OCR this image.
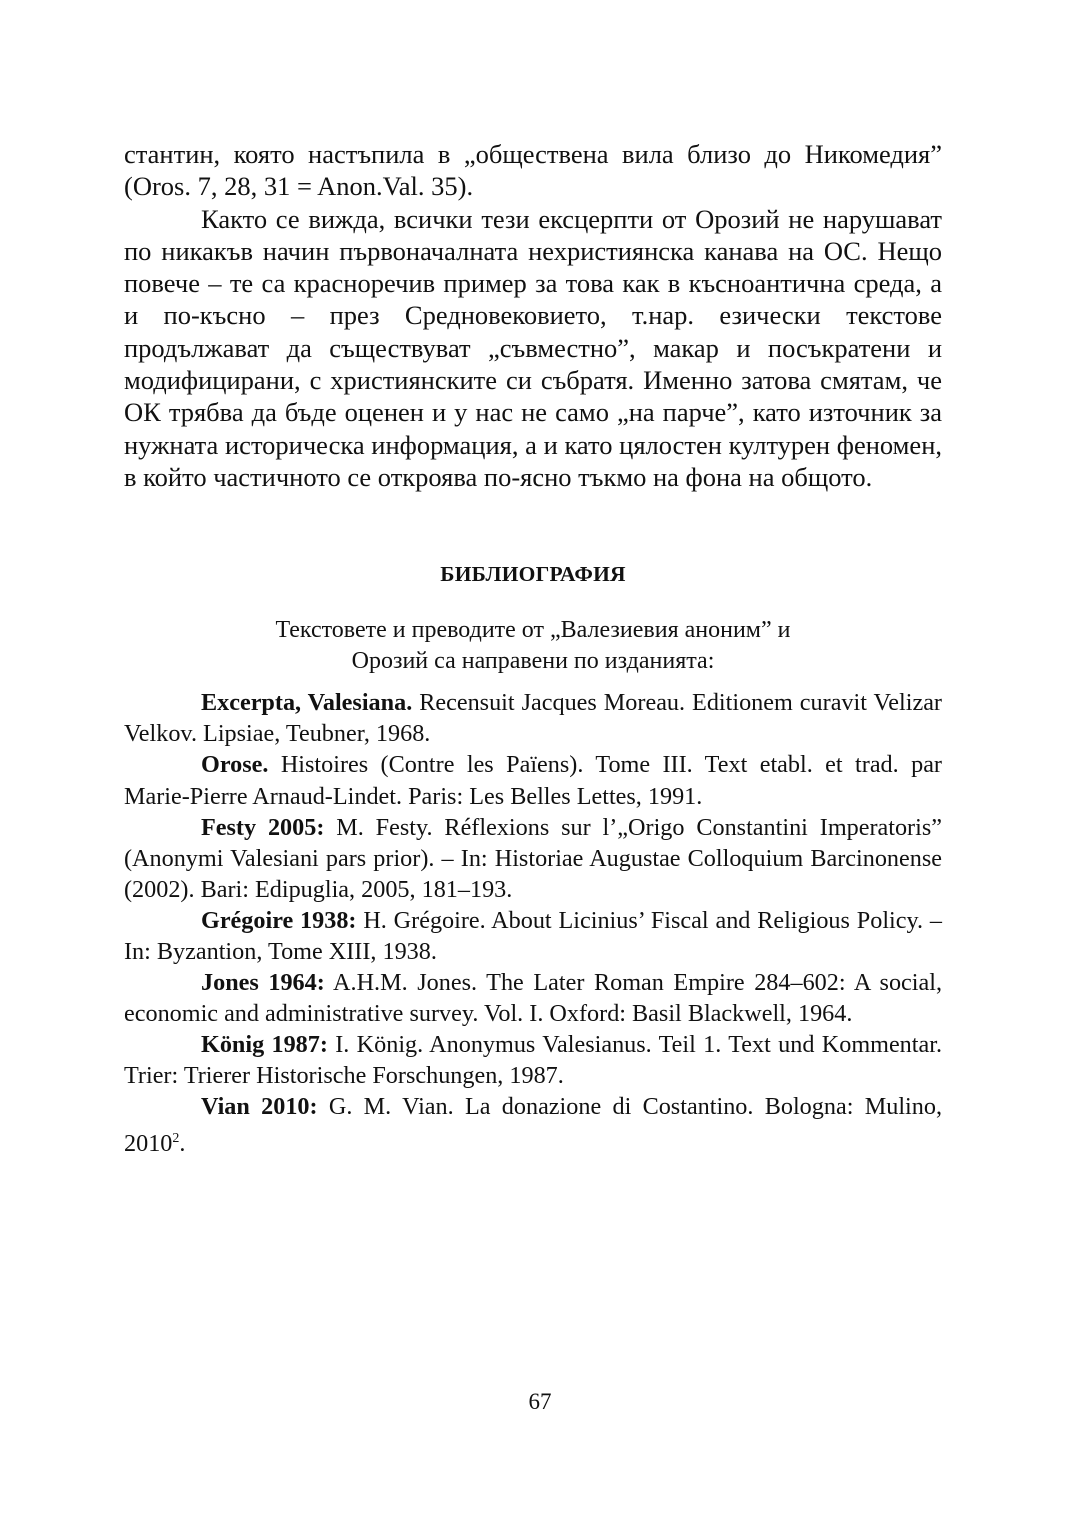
стантин, която настъпила в „обществена вила близо до Никомедия” (Oros. 7, 28, 31 = Anon.Val. 35).

Както се вижда, всички тези ексцерпти от Орозий не нарушават по никакъв начин първоначалната нехристиянска канава на ОС. Нещо повече – те са красноречив пример за това как в късноантична среда, а и по-късно – през Средновековието, т.нар. езически текстове продължават да съществуват „съвместно”, макар и посъкратени и модифицирани, с християнските си събратя. Именно затова смятам, че ОК трябва да бъде оценен и у нас не само „на парче”, като източник за нужната историческа информация, а и като цялостен културен феномен, в който частичното се откроява по-ясно тъкмо на фона на общото.

БИБЛИОГРАФИЯ
Текстовете и преводите от „Валезиевия аноним” и
Орозий са направени по изданията:

Excerpta, Valesiana. Recensuit Jacques Moreau. Editionem curavit Velizar Velkov. Lipsiae, Teubner, 1968.

Orose. Histoires (Contre les Païens). Tome III. Text etabl. et trad. par Marie-Pierre Arnaud-Lindet. Paris: Les Belles Lettes, 1991.

Festy 2005: M. Festy. Réflexions sur l’„Origo Constantini Imperatoris” (Anonymi Valesiani pars prior). – In: Historiae Augustae Colloquium Barcinonense (2002). Bari: Edipuglia, 2005, 181–193.

Grégoire 1938: H. Grégoire. About Licinius’ Fiscal and Religious Policy. – In: Byzantion, Tome XIII, 1938.

Jones 1964: A.H.M. Jones. The Later Roman Empire 284–602: A social, economic and administrative survey. Vol. I. Oxford: Basil Blackwell, 1964.

König 1987: I. König. Anonymus Valesianus. Teil 1. Text und Kommentar. Trier: Trierer Historische Forschungen, 1987.

Vian 2010: G. M. Vian. La donazione di Costantino. Bologna: Mulino, 2010$^2$.

67
